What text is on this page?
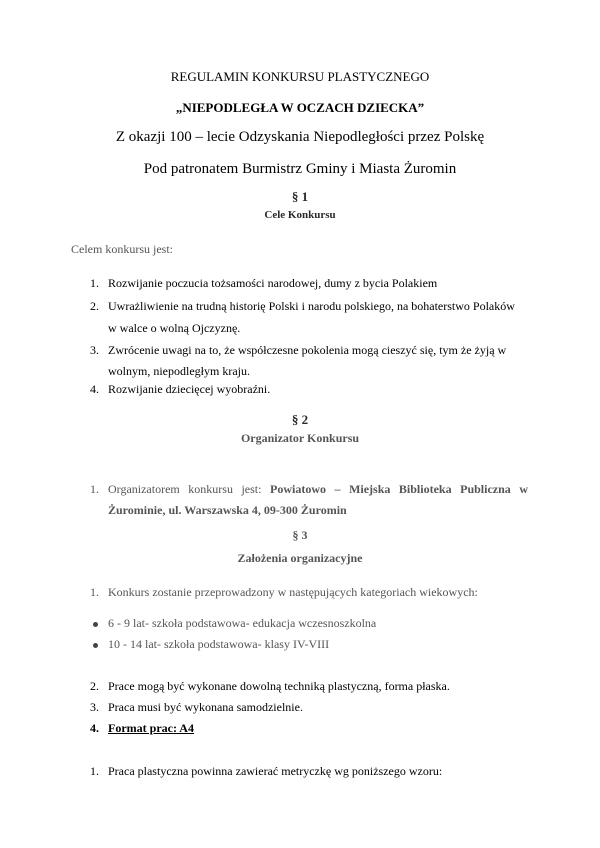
REGULAMIN KONKURSU PLASTYCZNEGO
„NIEPODLEGŁA W OCZACH DZIECKA”
Z okazji 100 – lecie Odzyskania Niepodległości przez Polskę
Pod patronatem Burmistrz Gminy i Miasta Żuromin
§ 1
Cele Konkursu
Celem konkursu jest:
1. Rozwijanie poczucia tożsamości narodowej, dumy z bycia Polakiem
2. Uwrażliwienie na trudną historię Polski i narodu polskiego, na bohaterstwo Polaków
w walce o wolną Ojczyznę.
3. Zwrócenie uwagi na to, że współczesne pokolenia mogą cieszyć się, tym że żyją w
wolnym, niepodległym kraju.
4. Rozwijanie dziecięcej wyobraźni.
§ 2
Organizator Konkursu
1. Organizatorem konkursu jest: Powiatowo – Miejska Biblioteka Publiczna w
Żurominie, ul. Warszawska 4, 09-300 Żuromin
§ 3
Założenia organizacyjne
1. Konkurs zostanie przeprowadzony w następujących kategoriach wiekowych:
6 - 9 lat- szkoła podstawowa- edukacja wczesnoszkolna
10 - 14 lat- szkoła podstawowa- klasy IV-VIII
2. Prace mogą być wykonane dowolną techniką plastyczną, forma płaska.
3. Praca musi być wykonana samodzielnie.
4. Format prac: A4
1. Praca plastyczna powinna zawierać metryczkę wg poniższego wzoru:
